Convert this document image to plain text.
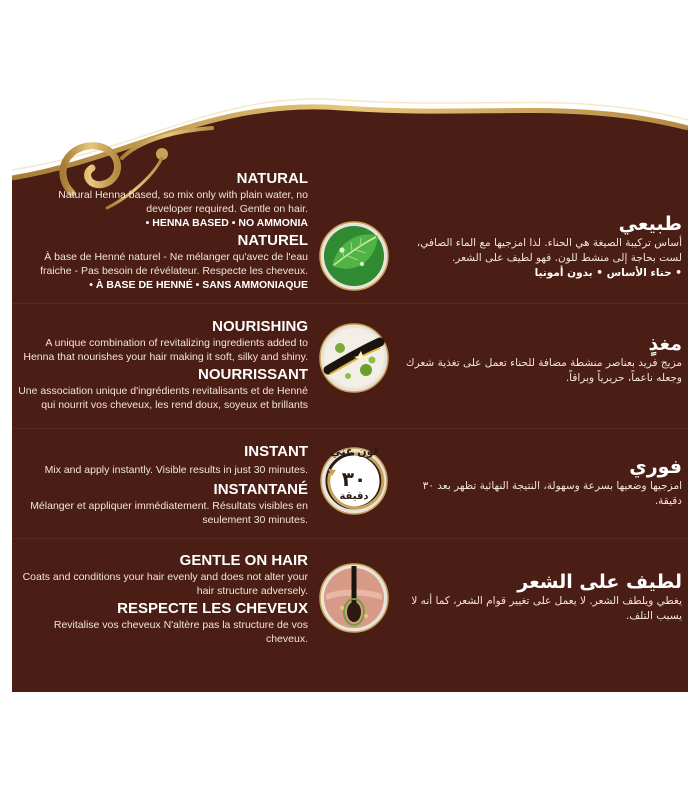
NATURAL
Natural Henna based, so mix only with plain water, no developer required. Gentle on hair.
• HENNA BASED • NO AMMONIA
NATUREL
À base de Henné naturel - Ne mélanger qu'avec de l'eau fraiche - Pas besoin de révélateur. Respecte les cheveux.
• À BASE DE HENNÉ • SANS AMMONIAQUE
طبيعي
أساس تركيبة الصيغة هي الحناء. لذا امزجيها مع الماء الصافي، لست بحاجة إلى منشط للون. فهو لطيف على الشعر.
• حناء الأساس • بدون أمونيا
NOURISHING
A unique combination of revitalizing ingredients added to Henna that nourishes your hair making it soft, silky and shiny.
NOURRISSANT
Une association unique d'ingrédients revitalisants et de Henné qui nourrit vos cheveux, les rend doux, soyeux et brillants
مغذٍ
مزيج فريد بعناصر منشطة مضافة للحناء تعمل على تغذية شعرك وجعله ناعماً، حريرياً وبراقاً.
INSTANT
Mix and apply instantly. Visible results in just 30 minutes.
INSTANTANÉ
Mélanger et appliquer immédiatement. Résultats visibles en seulement 30 minutes.
لون غني
٣٠
دقيقة
فوري
امزجيها وضعيها بسرعة وسهولة، النتيجة النهائية تظهر بعد ٣٠ دقيقة.
GENTLE ON HAIR
Coats and conditions your hair evenly and does not alter your hair structure adversely.
RESPECTE LES CHEVEUX
Revitalise vos cheveux N'altère pas la structure de vos cheveux.
لطيف على الشعر
يغطي ويلطف الشعر. لا يعمل على تغيير قوام الشعر، كما أنه لا يسبب التلف.
